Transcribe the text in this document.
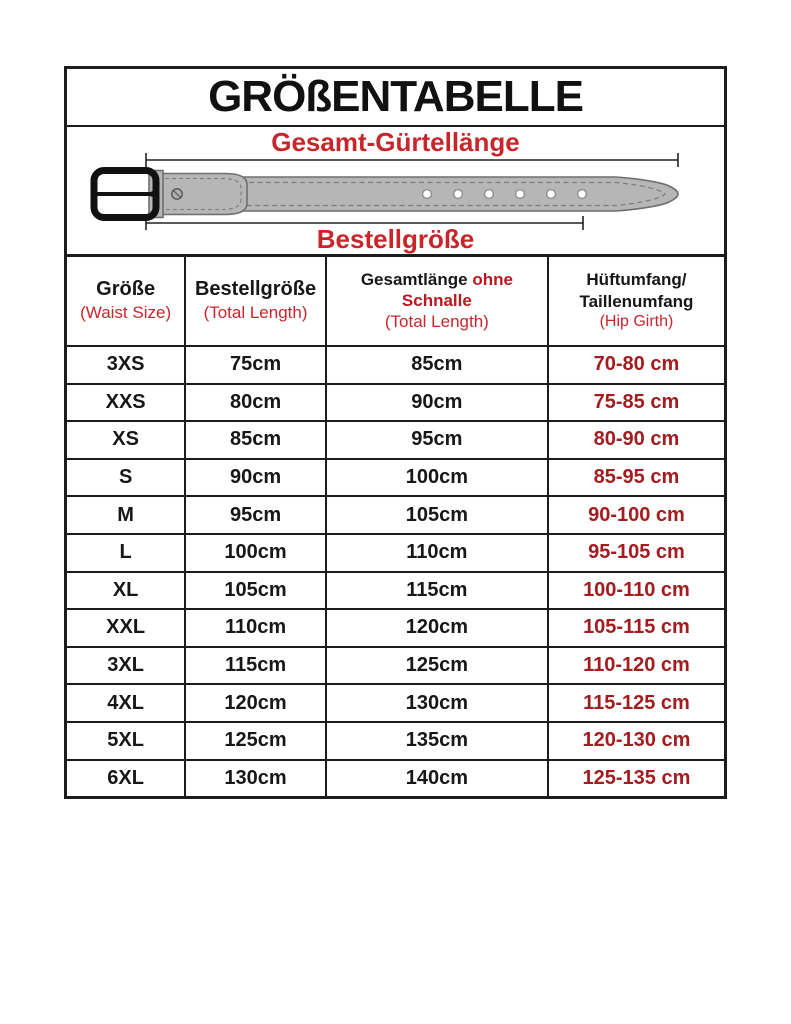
GRÖßENTABELLE
Gesamt-Gürtellänge
Bestellgröße
Größe
(Waist Size)

Bestellgröße
(Total Length)

Gesamtlänge ohne Schnalle
(Total Length)

Hüftumfang/
Taillenumfang
(Hip Girth)

3XS	75cm	85cm	70-80 cm
XXS	80cm	90cm	75-85 cm
XS	85cm	95cm	80-90 cm
S	90cm	100cm	85-95 cm
M	95cm	105cm	90-100 cm
L	100cm	110cm	95-105 cm
XL	105cm	115cm	100-110 cm
XXL	110cm	120cm	105-115 cm
3XL	115cm	125cm	110-120 cm
4XL	120cm	130cm	115-125 cm
5XL	125cm	135cm	120-130 cm
6XL	130cm	140cm	125-135 cm
